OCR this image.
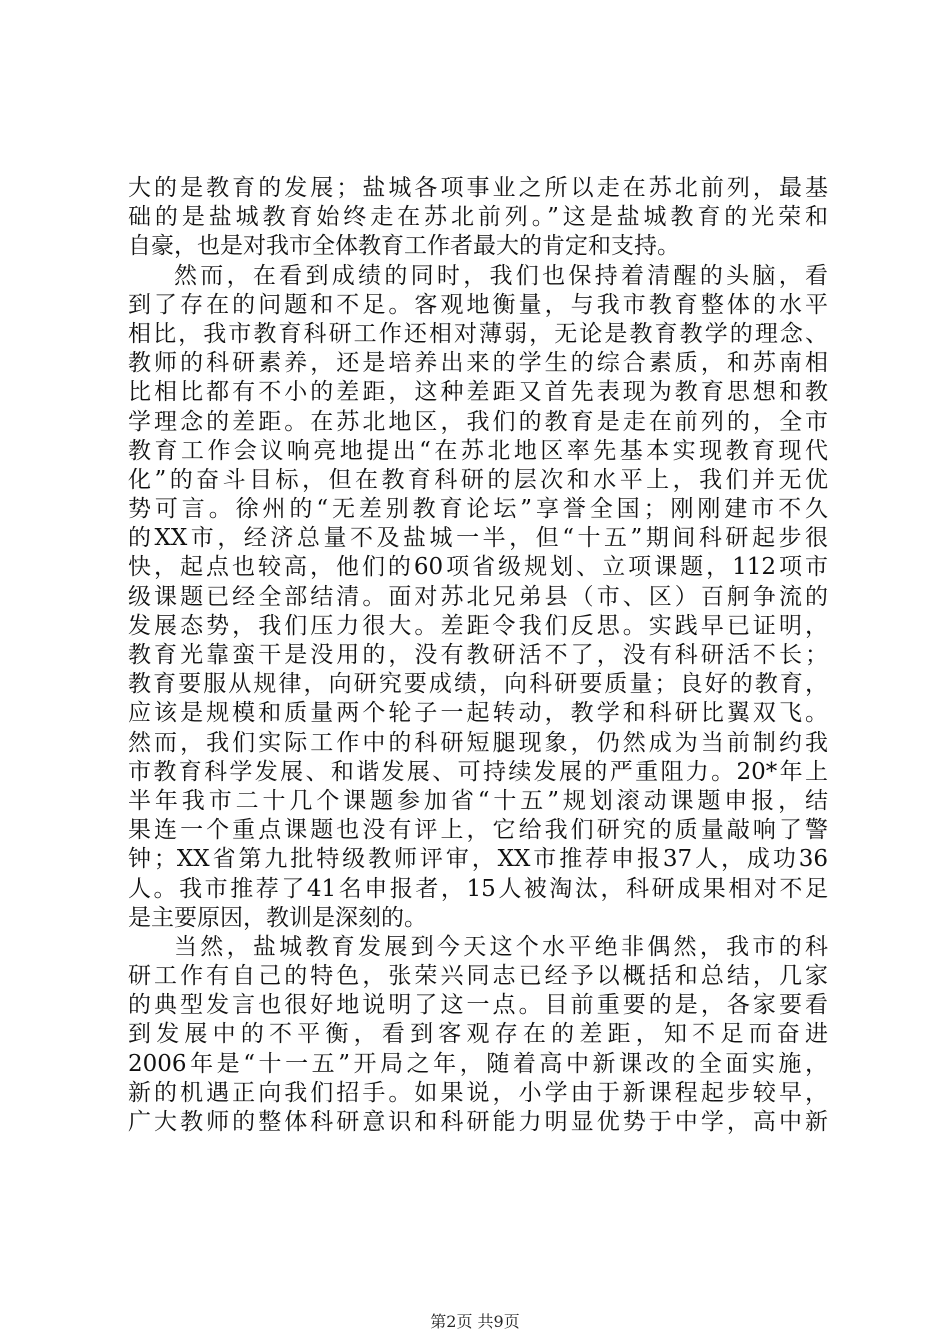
大的是教育的发展；盐城各项事业之所以走在苏北前列，最基
础的是盐城教育始终走在苏北前列。”这是盐城教育的光荣和
自豪，也是对我市全体教育工作者最大的肯定和支持。
然而，在看到成绩的同时，我们也保持着清醒的头脑，看
到了存在的问题和不足。客观地衡量，与我市教育整体的水平
相比，我市教育科研工作还相对薄弱，无论是教育教学的理念、
教师的科研素养，还是培养出来的学生的综合素质，和苏南相
比相比都有不小的差距，这种差距又首先表现为教育思想和教
学理念的差距。在苏北地区，我们的教育是走在前列的，全市
教育工作会议响亮地提出“在苏北地区率先基本实现教育现代
化”的奋斗目标，但在教育科研的层次和水平上，我们并无优
势可言。徐州的“无差别教育论坛”享誉全国；刚刚建市不久
的XX市，经济总量不及盐城一半，但“十五”期间科研起步很
快，起点也较高，他们的60项省级规划、立项课题，112项市
级课题已经全部结清。面对苏北兄弟县（市、区）百舸争流的
发展态势，我们压力很大。差距令我们反思。实践早已证明，
教育光靠蛮干是没用的，没有教研活不了，没有科研活不长；
教育要服从规律，向研究要成绩，向科研要质量；良好的教育，
应该是规模和质量两个轮子一起转动，教学和科研比翼双飞。
然而，我们实际工作中的科研短腿现象，仍然成为当前制约我
市教育科学发展、和谐发展、可持续发展的严重阻力。20*年上
半年我市二十几个课题参加省“十五”规划滚动课题申报，结
果连一个重点课题也没有评上，它给我们研究的质量敲响了警
钟；XX省第九批特级教师评审，XX市推荐申报37人，成功36
人。我市推荐了41名申报者，15人被淘汰，科研成果相对不足
是主要原因，教训是深刻的。
当然，盐城教育发展到今天这个水平绝非偶然，我市的科
研工作有自己的特色，张荣兴同志已经予以概括和总结，几家
的典型发言也很好地说明了这一点。目前重要的是，各家要看
到发展中的不平衡，看到客观存在的差距，知不足而奋进
2006年是“十一五”开局之年，随着高中新课改的全面实施，
新的机遇正向我们招手。如果说，小学由于新课程起步较早，
广大教师的整体科研意识和科研能力明显优势于中学，高中新
第2页 共9页
